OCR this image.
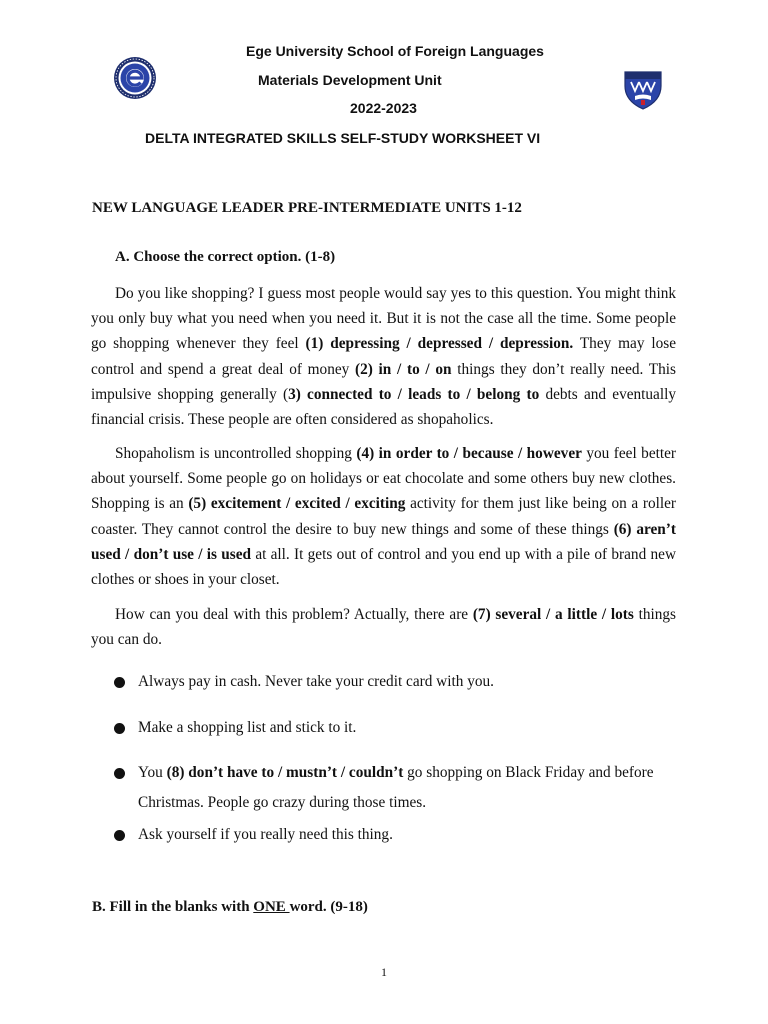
Ege University School of Foreign Languages
Materials Development Unit
2022-2023
DELTA INTEGRATED SKILLS SELF-STUDY WORKSHEET VI
NEW LANGUAGE LEADER PRE-INTERMEDIATE UNITS 1-12
A. Choose the correct option. (1-8)

Do you like shopping? I guess most people would say yes to this question. You might think you only buy what you need when you need it. But it is not the case all the time. Some people go shopping whenever they feel (1) depressing / depressed / depression. They may lose control and spend a great deal of money (2) in / to / on things they don’t really need. This impulsive shopping generally (3) connected to / leads to / belong to debts and eventually financial crisis. These people are often considered as shopaholics.

Shopaholism is uncontrolled shopping (4) in order to / because / however you feel better about yourself. Some people go on holidays or eat chocolate and some others buy new clothes. Shopping is an (5) excitement / excited / exciting activity for them just like being on a roller coaster. They cannot control the desire to buy new things and some of these things (6) aren’t used / don’t use / is used at all. It gets out of control and you end up with a pile of brand new clothes or shoes in your closet.

How can you deal with this problem? Actually, there are (7) several / a little / lots things you can do.

Always pay in cash. Never take your credit card with you.
Make a shopping list and stick to it.
You (8) don’t have to / mustn’t / couldn’t go shopping on Black Friday and before Christmas. People go crazy during those times.
Ask yourself if you really need this thing.
B. Fill in the blanks with ONE word. (9-18)
1
